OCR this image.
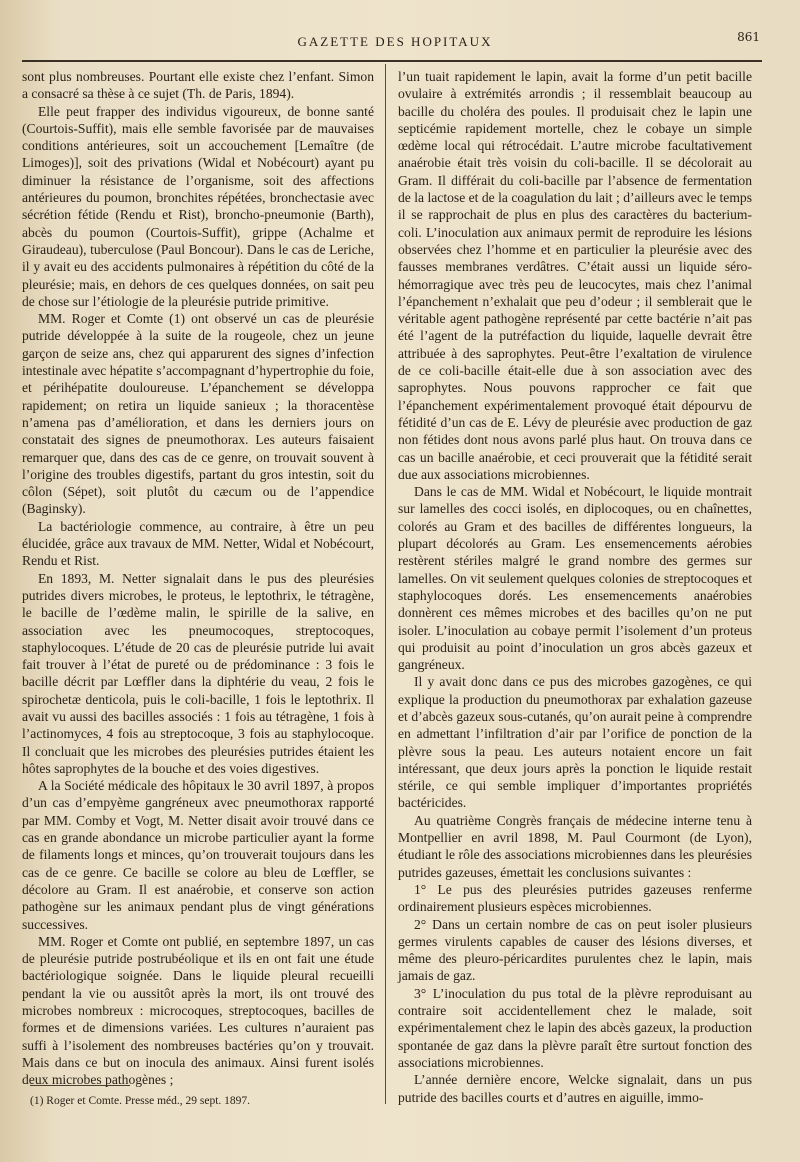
GAZETTE DES HOPITAUX	861

sont plus nombreuses. Pourtant elle existe chez l’enfant. Simon a consacré sa thèse à ce sujet (Th. de Paris, 1894).

Elle peut frapper des individus vigoureux, de bonne santé (Courtois-Suffit), mais elle semble favorisée par de mauvaises conditions antérieures, soit un accouchement [Lemaître (de Limoges)], soit des privations (Widal et Nobécourt) ayant pu diminuer la résistance de l’organisme, soit des affections antérieures du poumon, bronchites répétées, bronchectasie avec sécrétion fétide (Rendu et Rist), broncho-pneumonie (Barth), abcès du poumon (Courtois-Suffit), grippe (Achalme et Giraudeau), tuberculose (Paul Boncour). Dans le cas de Leriche, il y avait eu des accidents pulmonaires à répétition du côté de la pleurésie; mais, en dehors de ces quelques données, on sait peu de chose sur l’étiologie de la pleurésie putride primitive.

MM. Roger et Comte (1) ont observé un cas de pleurésie putride développée à la suite de la rougeole, chez un jeune garçon de seize ans, chez qui apparurent des signes d’infection intestinale avec hépatite s’accompagnant d’hypertrophie du foie, et périhépatite douloureuse. L’épanchement se développa rapidement; on retira un liquide sanieux ; la thoracentèse n’amena pas d’amélioration, et dans les derniers jours on constatait des signes de pneumothorax. Les auteurs faisaient remarquer que, dans des cas de ce genre, on trouvait souvent à l’origine des troubles digestifs, partant du gros intestin, soit du côlon (Sépet), soit plutôt du cæcum ou de l’appendice (Baginsky).

La bactériologie commence, au contraire, à être un peu élucidée, grâce aux travaux de MM. Netter, Widal et Nobécourt, Rendu et Rist.

En 1893, M. Netter signalait dans le pus des pleurésies putrides divers microbes, le proteus, le leptothrix, le tétragène, le bacille de l’œdème malin, le spirille de la salive, en association avec les pneumocoques, streptocoques, staphylocoques. L’étude de 20 cas de pleurésie putride lui avait fait trouver à l’état de pureté ou de prédominance : 3 fois le bacille décrit par Lœffler dans la diphtérie du veau, 2 fois le spirochetæ denticola, puis le coli-bacille, 1 fois le leptothrix. Il avait vu aussi des bacilles associés : 1 fois au tétragène, 1 fois à l’actinomyces, 4 fois au streptocoque, 3 fois au staphylocoque. Il concluait que les microbes des pleurésies putrides étaient les hôtes saprophytes de la bouche et des voies digestives.

A la Société médicale des hôpitaux le 30 avril 1897, à propos d’un cas d’empyème gangréneux avec pneumothorax rapporté par MM. Comby et Vogt, M. Netter disait avoir trouvé dans ce cas en grande abondance un microbe particulier ayant la forme de filaments longs et minces, qu’on trouverait toujours dans les cas de ce genre. Ce bacille se colore au bleu de Lœffler, se décolore au Gram. Il est anaérobie, et conserve son action pathogène sur les animaux pendant plus de vingt générations successives.

MM. Roger et Comte ont publié, en septembre 1897, un cas de pleurésie putride postrubéolique et ils en ont fait une étude bactériologique soignée. Dans le liquide pleural recueilli pendant la vie ou aussitôt après la mort, ils ont trouvé des microbes nombreux : microcoques, streptocoques, bacilles de formes et de dimensions variées. Les cultures n’auraient pas suffi à l’isolement des nombreuses bactéries qu’on y trouvait. Mais dans ce but on inocula des animaux. Ainsi furent isolés deux microbes pathogènes ;

l’un tuait rapidement le lapin, avait la forme d’un petit bacille ovulaire à extrémités arrondis ; il ressemblait beaucoup au bacille du choléra des poules. Il produisait chez le lapin une septicémie rapidement mortelle, chez le cobaye un simple œdème local qui rétrocédait. L’autre microbe facultativement anaérobie était très voisin du coli-bacille. Il se décolorait au Gram. Il différait du coli-bacille par l’absence de fermentation de la lactose et de la coagulation du lait ; d’ailleurs avec le temps il se rapprochait de plus en plus des caractères du bacterium-coli. L’inoculation aux animaux permit de reproduire les lésions observées chez l’homme et en particulier la pleurésie avec des fausses membranes verdâtres. C’était aussi un liquide séro-hémorragique avec très peu de leucocytes, mais chez l’animal l’épanchement n’exhalait que peu d’odeur ; il semblerait que le véritable agent pathogène représenté par cette bactérie n’ait pas été l’agent de la putréfaction du liquide, laquelle devrait être attribuée à des saprophytes. Peut-être l’exaltation de virulence de ce coli-bacille était-elle due à son association avec des saprophytes. Nous pouvons rapprocher ce fait que l’épanchement expérimentalement provoqué était dépourvu de fétidité d’un cas de E. Lévy de pleurésie avec production de gaz non fétides dont nous avons parlé plus haut. On trouva dans ce cas un bacille anaérobie, et ceci prouverait que la fétidité serait due aux associations microbiennes.

Dans le cas de MM. Widal et Nobécourt, le liquide montrait sur lamelles des cocci isolés, en diplocoques, ou en chaînettes, colorés au Gram et des bacilles de différentes longueurs, la plupart décolorés au Gram. Les ensemencements aérobies restèrent stériles malgré le grand nombre des germes sur lamelles. On vit seulement quelques colonies de streptocoques et staphylocoques dorés. Les ensemencements anaérobies donnèrent ces mêmes microbes et des bacilles qu’on ne put isoler. L’inoculation au cobaye permit l’isolement d’un proteus qui produisit au point d’inoculation un gros abcès gazeux et gangréneux.

Il y avait donc dans ce pus des microbes gazogènes, ce qui explique la production du pneumothorax par exhalation gazeuse et d’abcès gazeux sous-cutanés, qu’on aurait peine à comprendre en admettant l’infiltration d’air par l’orifice de ponction de la plèvre sous la peau. Les auteurs notaient encore un fait intéressant, que deux jours après la ponction le liquide restait stérile, ce qui semble impliquer d’importantes propriétés bactéricides.

Au quatrième Congrès français de médecine interne tenu à Montpellier en avril 1898, M. Paul Courmont (de Lyon), étudiant le rôle des associations microbiennes dans les pleurésies putrides gazeuses, émettait les conclusions suivantes :

1° Le pus des pleurésies putrides gazeuses renferme ordinairement plusieurs espèces microbiennes.

2° Dans un certain nombre de cas on peut isoler plusieurs germes virulents capables de causer des lésions diverses, et même des pleuro-péricardites purulentes chez le lapin, mais jamais de gaz.

3° L’inoculation du pus total de la plèvre reproduisant au contraire soit accidentellement chez le malade, soit expérimentalement chez le lapin des abcès gazeux, la production spontanée de gaz dans la plèvre paraît être surtout fonction des associations microbiennes.

L’année dernière encore, Welcke signalait, dans un pus putride des bacilles courts et d’autres en aiguille, immo-

(1) Roger et Comte. Presse méd., 29 sept. 1897.
